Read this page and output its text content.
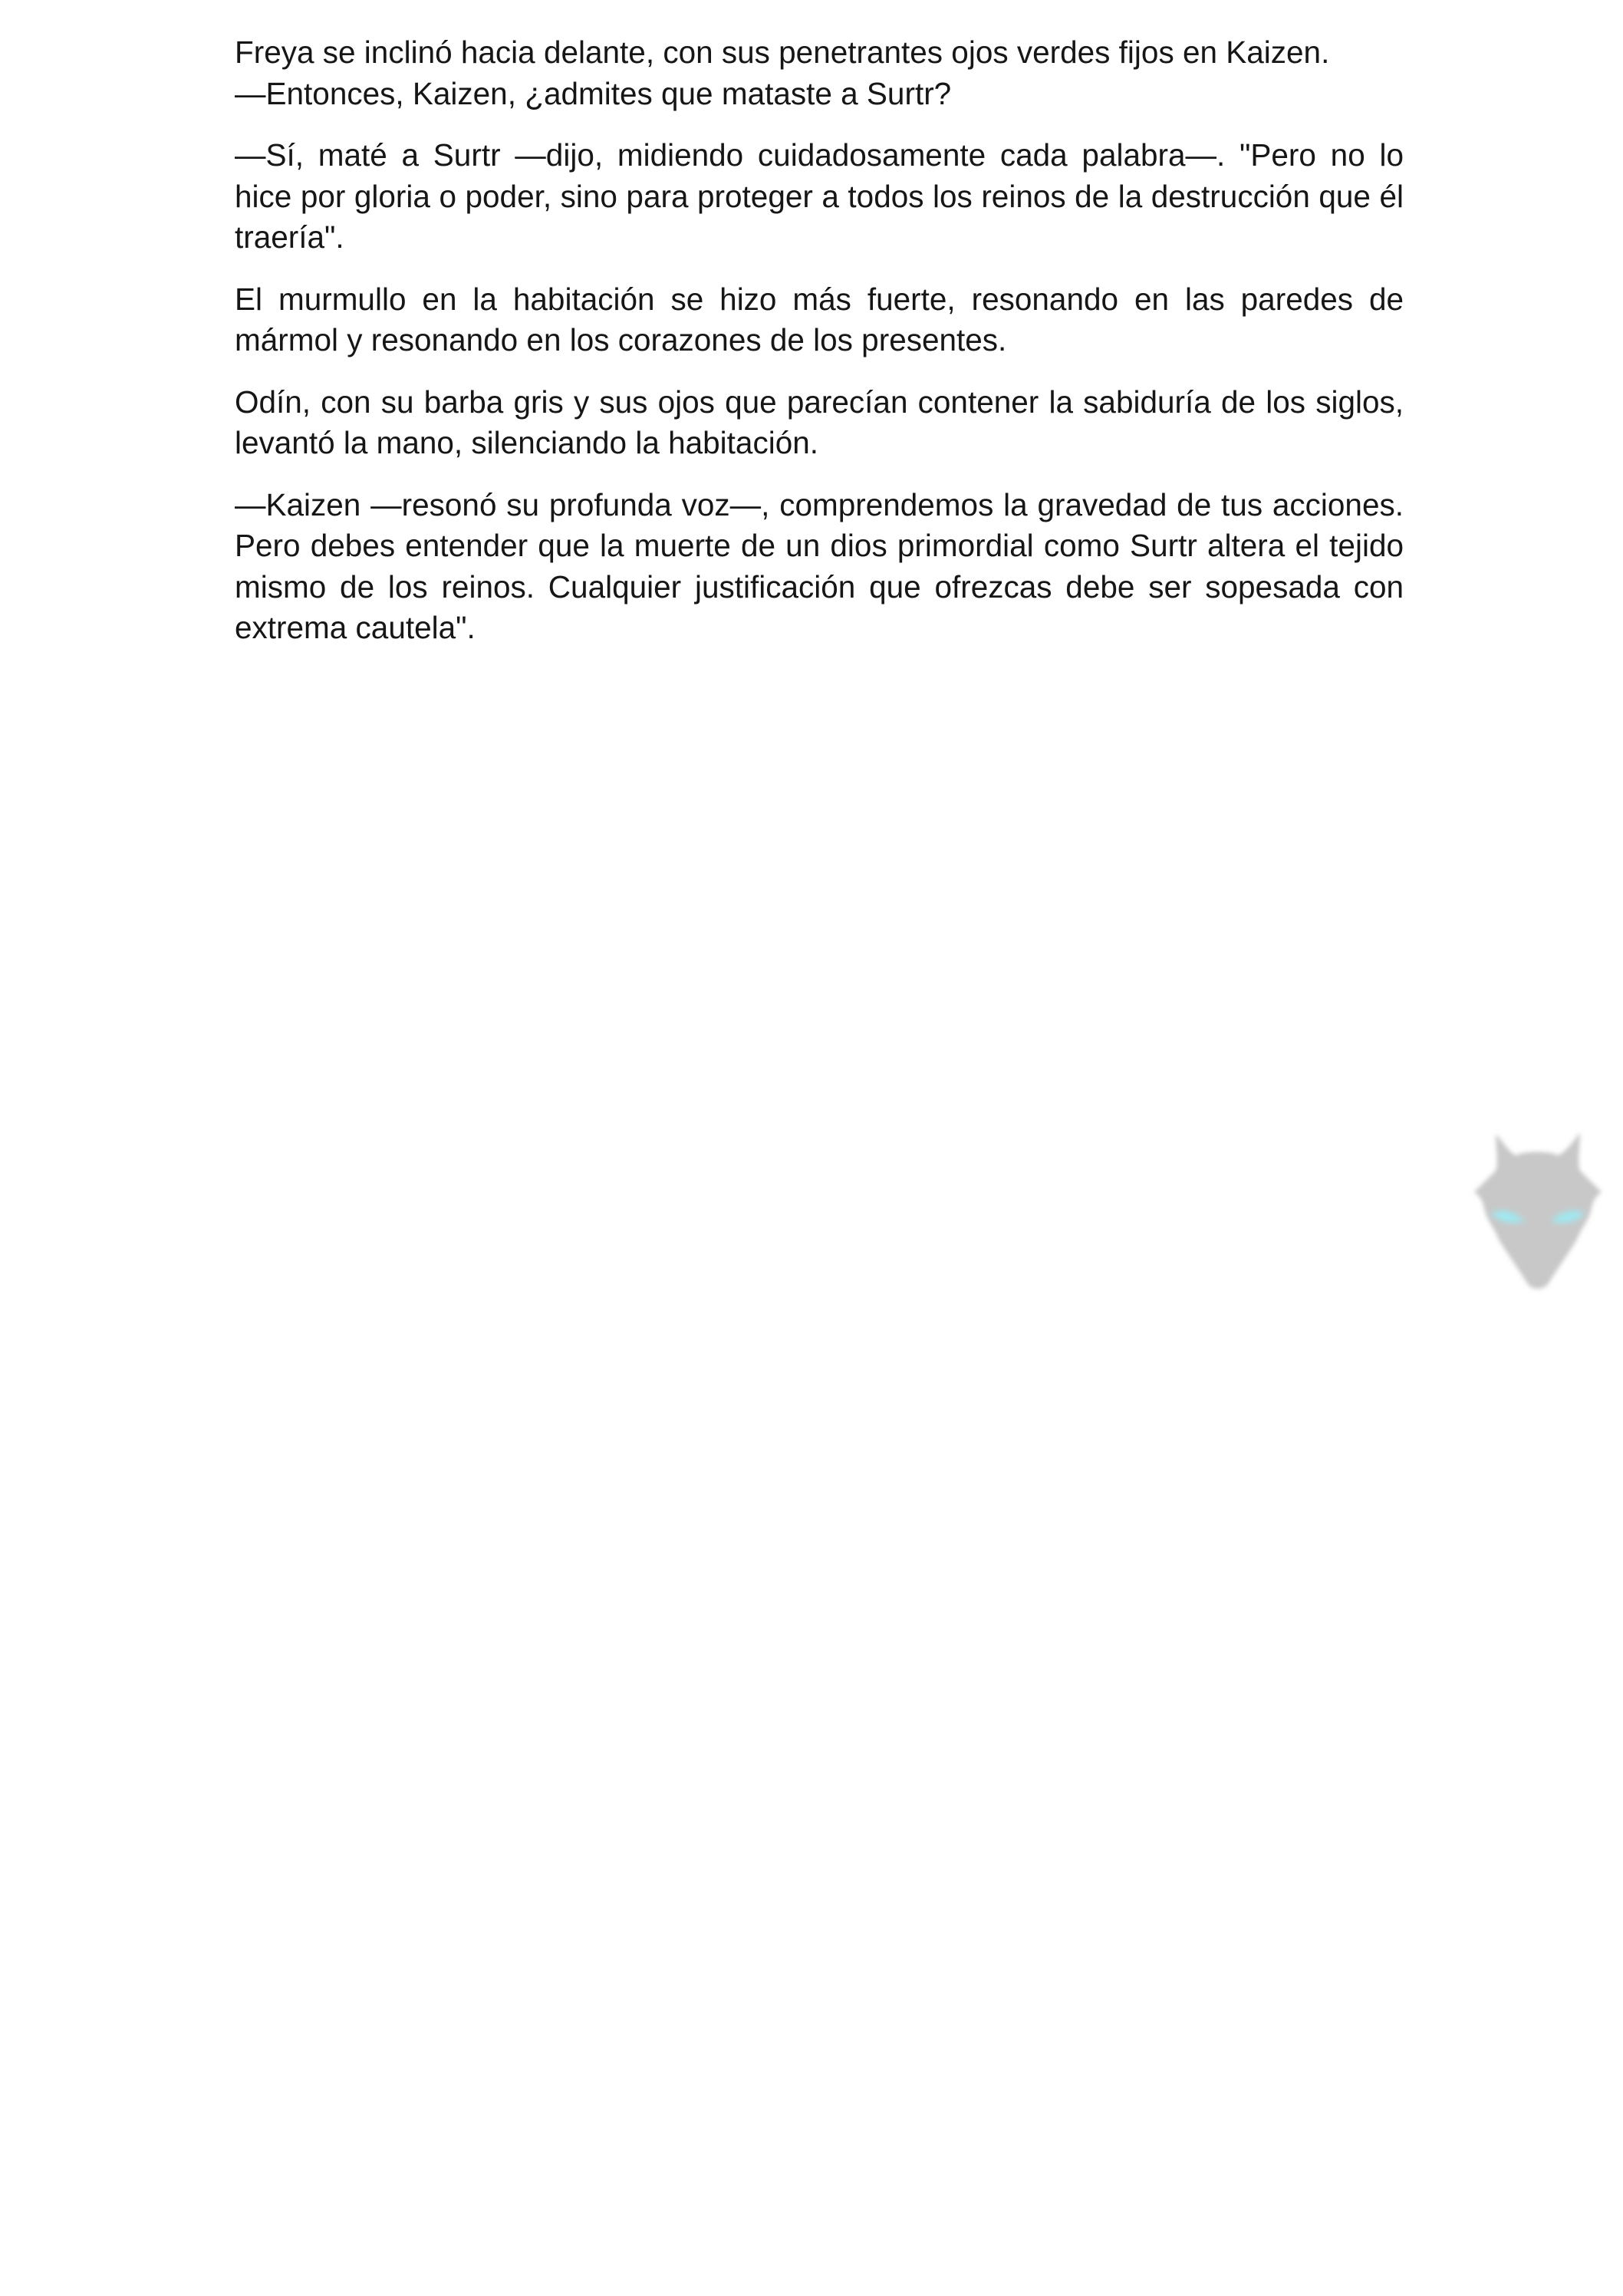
Freya se inclinó hacia delante, con sus penetrantes ojos verdes fijos en Kaizen.
—Entonces, Kaizen, ¿admites que mataste a Surtr?

—Sí, maté a Surtr —dijo, midiendo cuidadosamente cada palabra—. "Pero no lo hice por gloria o poder, sino para proteger a todos los reinos de la destrucción que él traería".

El murmullo en la habitación se hizo más fuerte, resonando en las paredes de mármol y resonando en los corazones de los presentes.

Odín, con su barba gris y sus ojos que parecían contener la sabiduría de los siglos, levantó la mano, silenciando la habitación.

—Kaizen —resonó su profunda voz—, comprendemos la gravedad de tus acciones. Pero debes entender que la muerte de un dios primordial como Surtr altera el tejido mismo de los reinos. Cualquier justificación que ofrezcas debe ser sopesada con extrema cautela".
